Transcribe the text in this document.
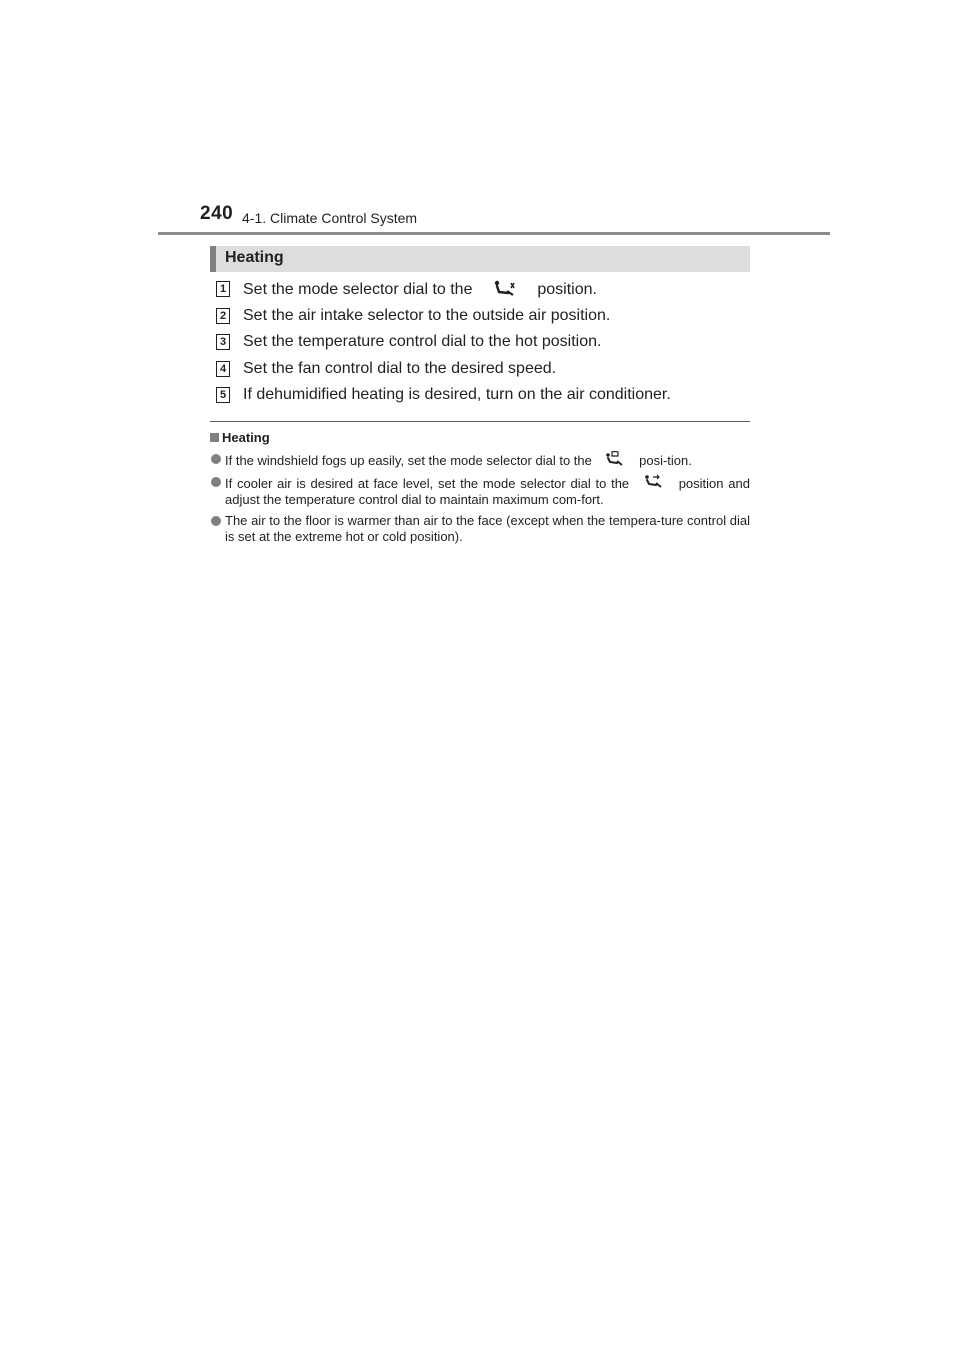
240 4-1. Climate Control System
Heating
1 Set the mode selector dial to the	position.
2 Set the air intake selector to the outside air position.
3 Set the temperature control dial to the hot position.
4 Set the fan control dial to the desired speed.
5 If dehumidified heating is desired, turn on the air conditioner.
Heating
If the windshield fogs up easily, set the mode selector dial to the	posi-tion.
If cooler air is desired at face level, set the mode selector dial to the	position and adjust the temperature control dial to maintain maximum com-fort.
The air to the floor is warmer than air to the face (except when the tempera-ture control dial is set at the extreme hot or cold position).
